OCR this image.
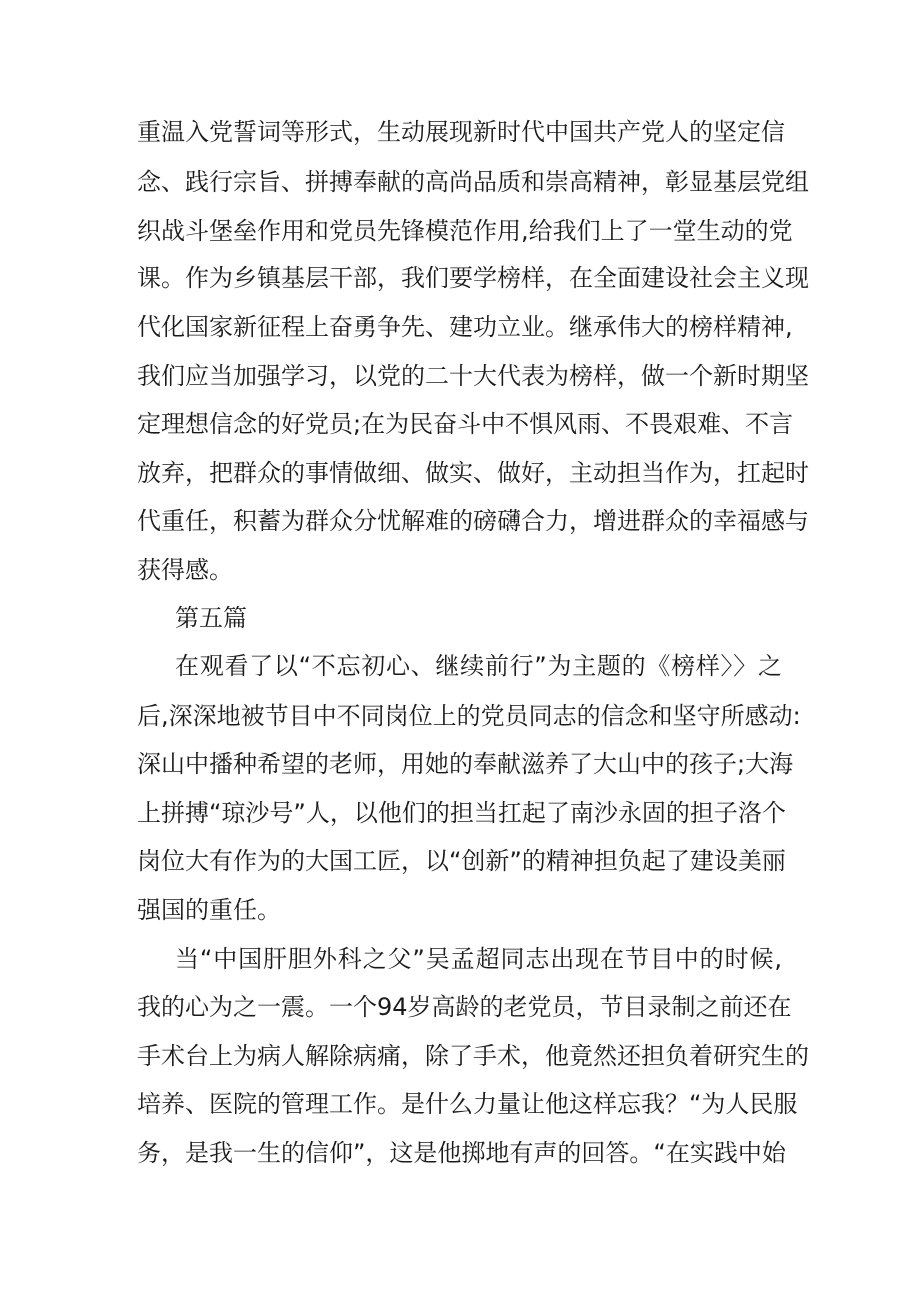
重温入党誓词等形式，生动展现新时代中国共产党人的坚定信
念、践行宗旨、拼搏奉献的高尚品质和崇高精神，彰显基层党组
织战斗堡垒作用和党员先锋模范作用,给我们上了一堂生动的党
课。作为乡镇基层干部，我们要学榜样，在全面建设社会主义现
代化国家新征程上奋勇争先、建功立业。继承伟大的榜样精神,
我们应当加强学习，以党的二十大代表为榜样，做一个新时期坚
定理想信念的好党员;在为民奋斗中不惧风雨、不畏艰难、不言
放弃，把群众的事情做细、做实、做好，主动担当作为，扛起时
代重任，积蓄为群众分忧解难的磅礴合力，增进群众的幸福感与
获得感。
第五篇
在观看了以“不忘初心、继续前行”为主题的《榜样〉〉之
后,深深地被节目中不同岗位上的党员同志的信念和坚守所感动:
深山中播种希望的老师，用她的奉献滋养了大山中的孩子;大海
上拼搏“琼沙号”人，以他们的担当扛起了南沙永固的担子洛个
岗位大有作为的大国工匠，以“创新”的精神担负起了建设美丽
强国的重任。
当“中国肝胆外科之父”吴孟超同志出现在节目中的时候,
我的心为之一震。一个94岁高龄的老党员，节目录制之前还在
手术台上为病人解除病痛，除了手术，他竟然还担负着研究生的
培养、医院的管理工作。是什么力量让他这样忘我？“为人民服
务，是我一生的信仰”，这是他掷地有声的回答。“在实践中始
